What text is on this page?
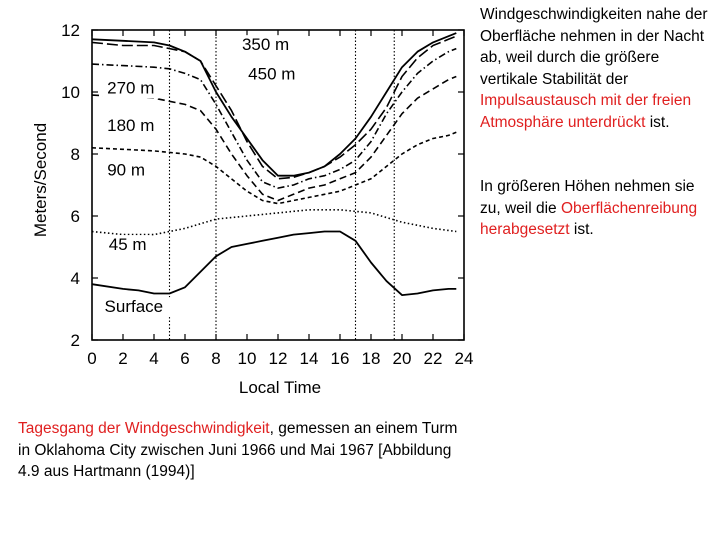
0 2 4 6 8 10 12 14 16 18 20 22 24
2
4
6
8
10
12
350 m
450 m
270 m
180 m
90 m
45 m
Surface
Local Time
Meters/Second

Windgeschwindigkeiten nahe der Oberfläche nehmen in der Nacht ab, weil durch die größere vertikale Stabilität der Impulsaustausch mit der freien Atmosphäre unterdrückt ist.

In größeren Höhen nehmen sie zu, weil die Oberflächenreibung herabgesetzt ist.

Tagesgang der Windgeschwindigkeit, gemessen an einem Turm in Oklahoma City zwischen Juni 1966 und Mai 1967 [Abbildung 4.9 aus Hartmann (1994)]
